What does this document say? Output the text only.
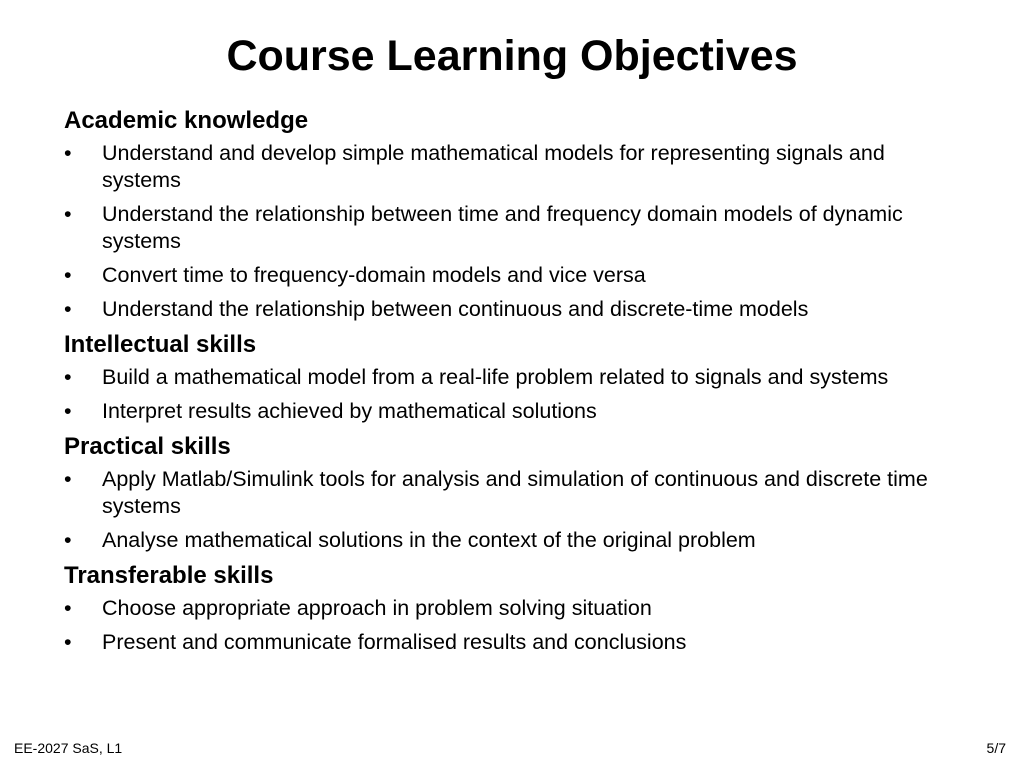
Course Learning Objectives
Academic knowledge
• Understand and develop simple mathematical models for representing signals and systems
• Understand the relationship between time and frequency domain models of dynamic systems
• Convert time to frequency-domain models and vice versa
• Understand the relationship between continuous and discrete-time models
Intellectual skills
• Build a mathematical model from a real-life problem related to signals and systems
• Interpret results achieved by mathematical solutions
Practical skills
• Apply Matlab/Simulink tools for analysis and simulation of continuous and discrete time systems
• Analyse mathematical solutions in the context of the original problem
Transferable skills
• Choose appropriate approach in problem solving situation
• Present and communicate formalised results and conclusions
EE-2027 SaS, L1	5/7
